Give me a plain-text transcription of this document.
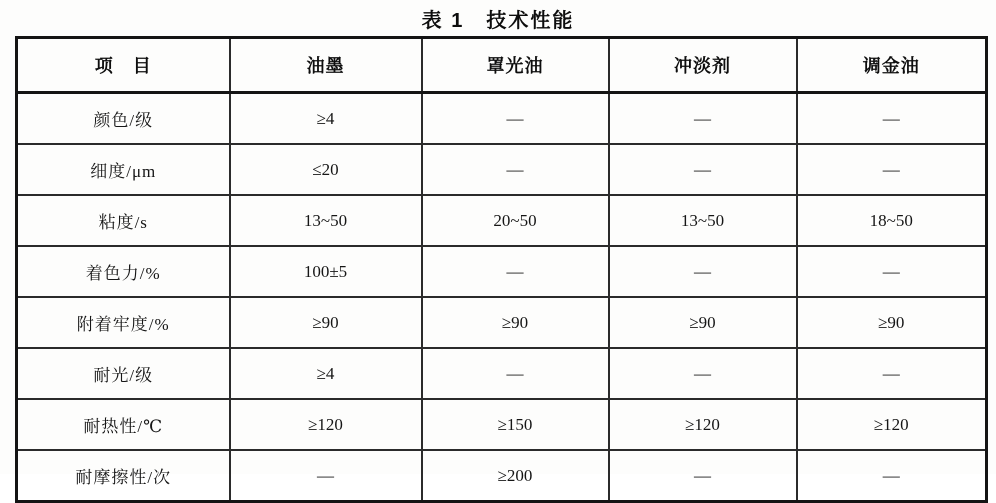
表 1　技术性能
项　目	油墨	罩光油	冲淡剂	调金油
颜色/级	≥4	—	—	—
细度/μm	≤20	—	—	—
粘度/s	13~50	20~50	13~50	18~50
着色力/%	100±5	—	—	—
附着牢度/%	≥90	≥90	≥90	≥90
耐光/级	≥4	—	—	—
耐热性/℃	≥120	≥150	≥120	≥120
耐摩擦性/次	—	≥200	—	—
